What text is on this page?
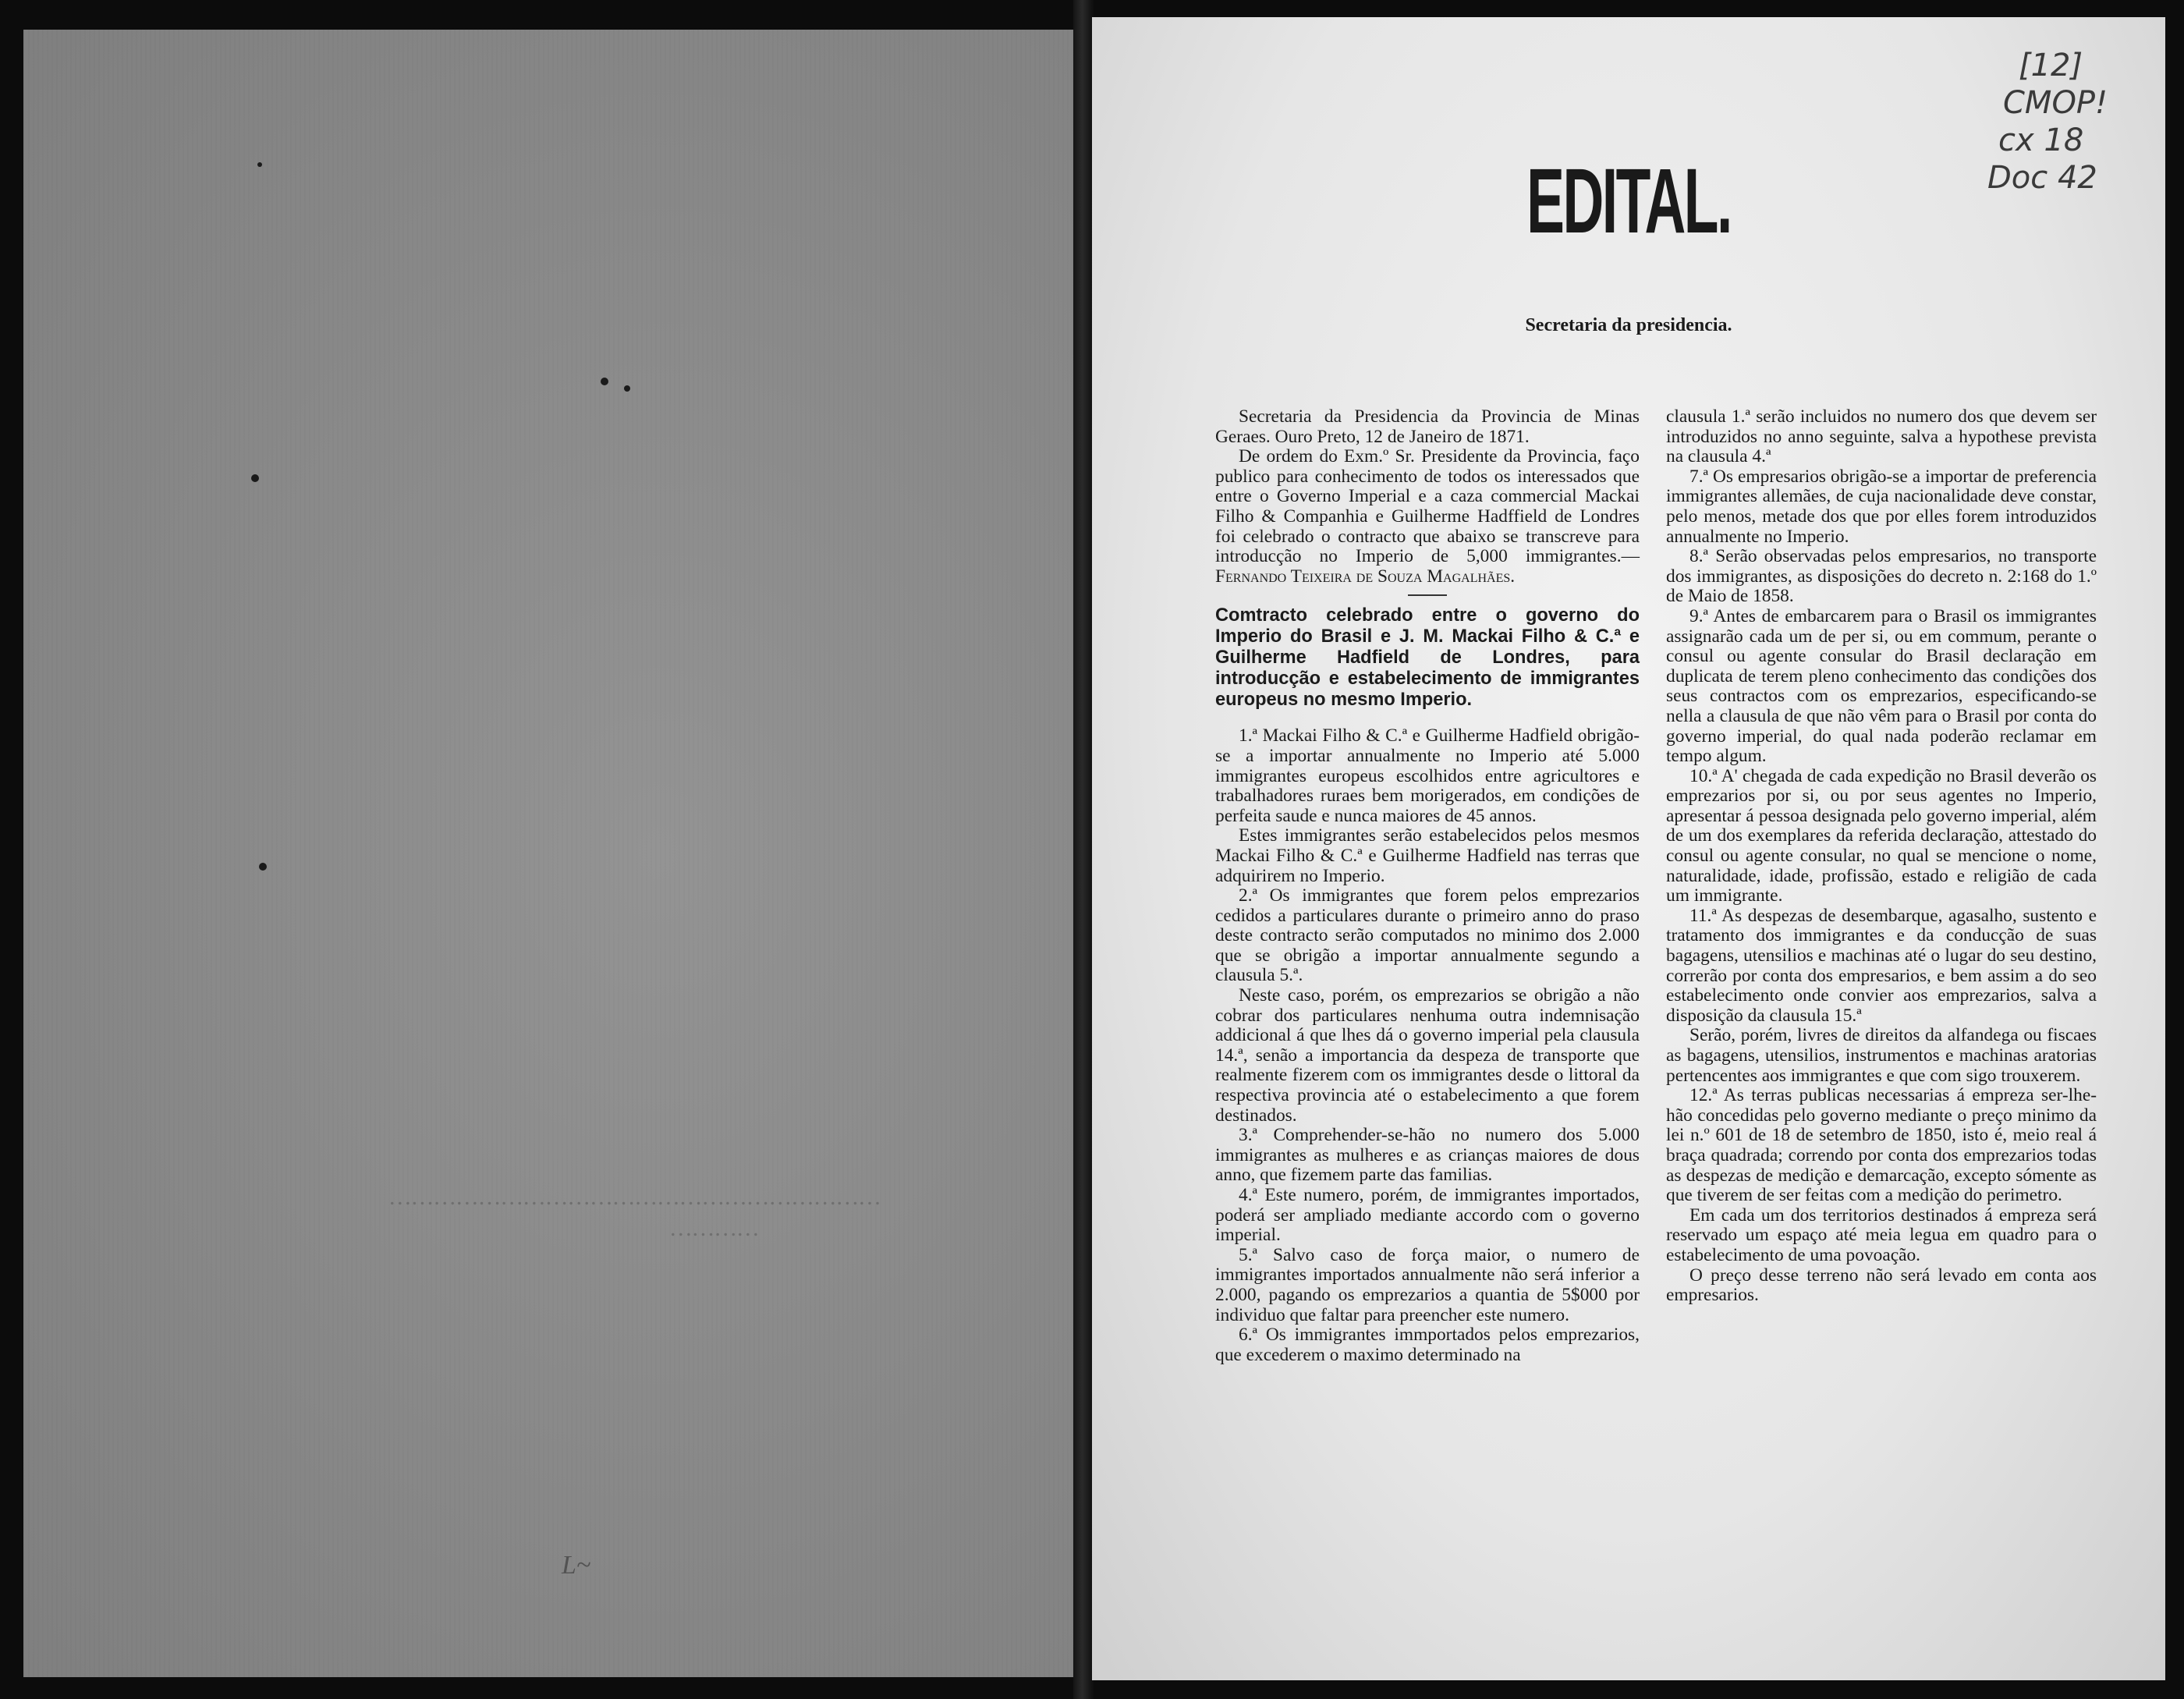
…………………………………………………………
…………
L~
[12]
CMOP!
cx 18
Doc 42
EDITAL.
Secretaria da presidencia.

Secretaria da Presidencia da Provincia de Minas Geraes. Ouro Preto, 12 de Janeiro de 1871.

De ordem do Exm.º Sr. Presidente da Provincia, faço publico para conhecimento de todos os interessados que entre o Governo Imperial e a caza commercial Mackai Filho & Companhia e Guilherme Hadffield de Londres foi celebrado o contracto que abaixo se transcreve para introducção no Imperio de 5,000 immigrantes.—Fernando Teixeira de Souza Magalhães.

Comtracto celebrado entre o governo do Imperio do Brasil e J. M. Mackai Filho & C.ª e Guilherme Hadfield de Londres, para introducção e estabelecimento de immigrantes europeus no mesmo Imperio.

1.ª Mackai Filho & C.ª e Guilherme Hadfield obrigão-se a importar annualmente no Imperio até 5.000 immigrantes europeus escolhidos entre agricultores e trabalhadores ruraes bem morigerados, em condições de perfeita saude e nunca maiores de 45 annos.

Estes immigrantes serão estabelecidos pelos mesmos Mackai Filho & C.ª e Guilherme Hadfield nas terras que adquirirem no Imperio.

2.ª Os immigrantes que forem pelos emprezarios cedidos a particulares durante o primeiro anno do praso deste contracto serão computados no minimo dos 2.000 que se obrigão a importar annualmente segundo a clausula 5.ª.

Neste caso, porém, os emprezarios se obrigão a não cobrar dos particulares nenhuma outra indemnisação addicional á que lhes dá o governo imperial pela clausula 14.ª, senão a importancia da despeza de transporte que realmente fizerem com os immigrantes desde o littoral da respectiva provincia até o estabelecimento a que forem destinados.

3.ª Comprehender-se-hão no numero dos 5.000 immigrantes as mulheres e as crianças maiores de dous anno, que fizemem parte das familias.

4.ª Este numero, porém, de immigrantes importados, poderá ser ampliado mediante accordo com o governo imperial.

5.ª Salvo caso de força maior, o numero de immigrantes importados annualmente não será inferior a 2.000, pagando os emprezarios a quantia de 5$000 por individuo que faltar para preencher este numero.

6.ª Os immigrantes immportados pelos emprezarios, que excederem o maximo determinado na

clausula 1.ª serão incluidos no numero dos que devem ser introduzidos no anno seguinte, salva a hypothese prevista na clausula 4.ª

7.ª Os empresarios obrigão-se a importar de preferencia immigrantes allemães, de cuja nacionalidade deve constar, pelo menos, metade dos que por elles forem introduzidos annualmente no Imperio.

8.ª Serão observadas pelos empresarios, no transporte dos immigrantes, as disposições do decreto n. 2:168 do 1.º de Maio de 1858.

9.ª Antes de embarcarem para o Brasil os immigrantes assignarão cada um de per si, ou em commum, perante o consul ou agente consular do Brasil declaração em duplicata de terem pleno conhecimento das condições dos seus contractos com os emprezarios, especificando-se nella a clausula de que não vêm para o Brasil por conta do governo imperial, do qual nada poderão reclamar em tempo algum.

10.ª A' chegada de cada expedição no Brasil deverão os emprezarios por si, ou por seus agentes no Imperio, apresentar á pessoa designada pelo governo imperial, além de um dos exemplares da referida declaração, attestado do consul ou agente consular, no qual se mencione o nome, naturalidade, idade, profissão, estado e religião de cada um immigrante.

11.ª As despezas de desembarque, agasalho, sustento e tratamento dos immigrantes e da conducção de suas bagagens, utensilios e machinas até o lugar do seu destino, correrão por conta dos empresarios, e bem assim a do seo estabelecimento onde convier aos emprezarios, salva a disposição da clausula 15.ª

Serão, porém, livres de direitos da alfandega ou fiscaes as bagagens, utensilios, instrumentos e machinas aratorias pertencentes aos immigrantes e que com sigo trouxerem.

12.ª As terras publicas necessarias á empreza ser-lhe-hão concedidas pelo governo mediante o preço minimo da lei n.º 601 de 18 de setembro de 1850, isto é, meio real á braça quadrada; correndo por conta dos emprezarios todas as despezas de medição e demarcação, excepto sómente as que tiverem de ser feitas com a medição do perimetro.

Em cada um dos territorios destinados á empreza será reservado um espaço até meia legua em quadro para o estabelecimento de uma povoação.

O preço desse terreno não será levado em conta aos empresarios.
